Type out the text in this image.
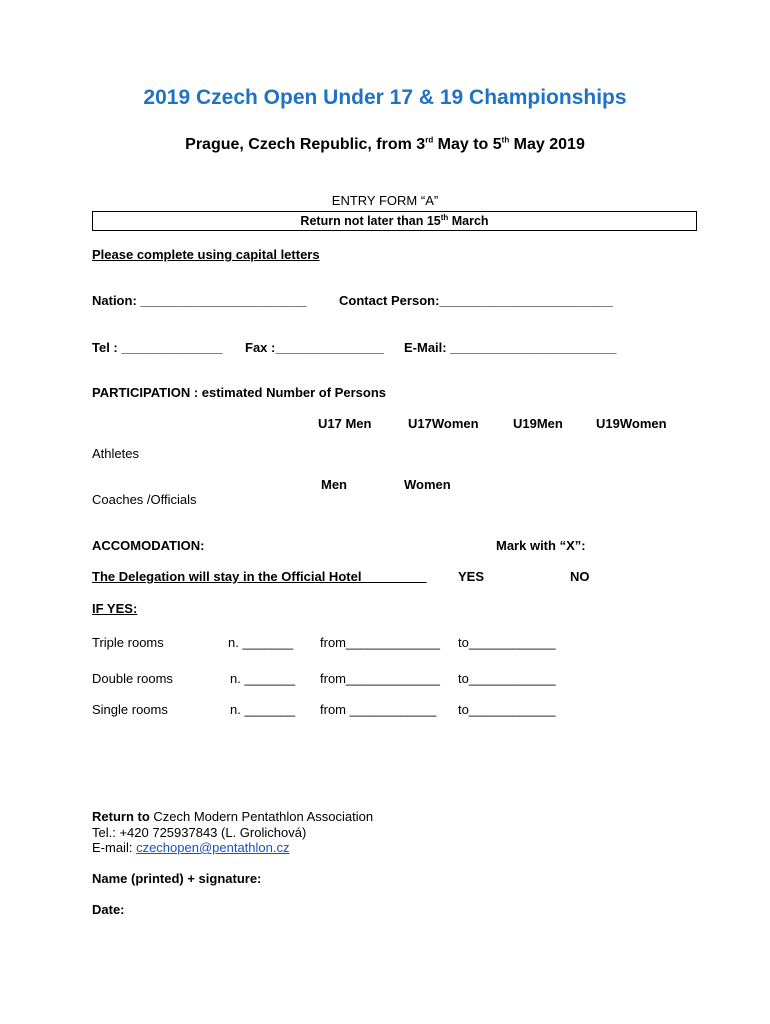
2019 Czech Open Under 17 & 19 Championships
Prague, Czech Republic, from 3rd May to 5th May 2019
ENTRY FORM “A”
Return not later than 15th March
Please complete using capital letters
Nation: _______________________ Contact Person:________________________
Tel : ______________ Fax :_______________ E-Mail: _______________________
PARTICIPATION : estimated Number of Persons
U17 Men	U17Women	U19Men	U19Women
Athletes
Men	Women
Coaches /Officials
ACCOMODATION:	Mark with “X”:
The Delegation will stay in the Official Hotel_________ YES	NO
IF YES:
Triple rooms	n. _______ from_____________ to____________
Double rooms	n. _______ from_____________ to____________
Single rooms	n. _______ from ____________ to____________
Return to Czech Modern Pentathlon Association
Tel.: +420 725937843 (L. Grolichová)
E-mail: czechopen@pentathlon.cz
Name (printed) + signature:
Date:
